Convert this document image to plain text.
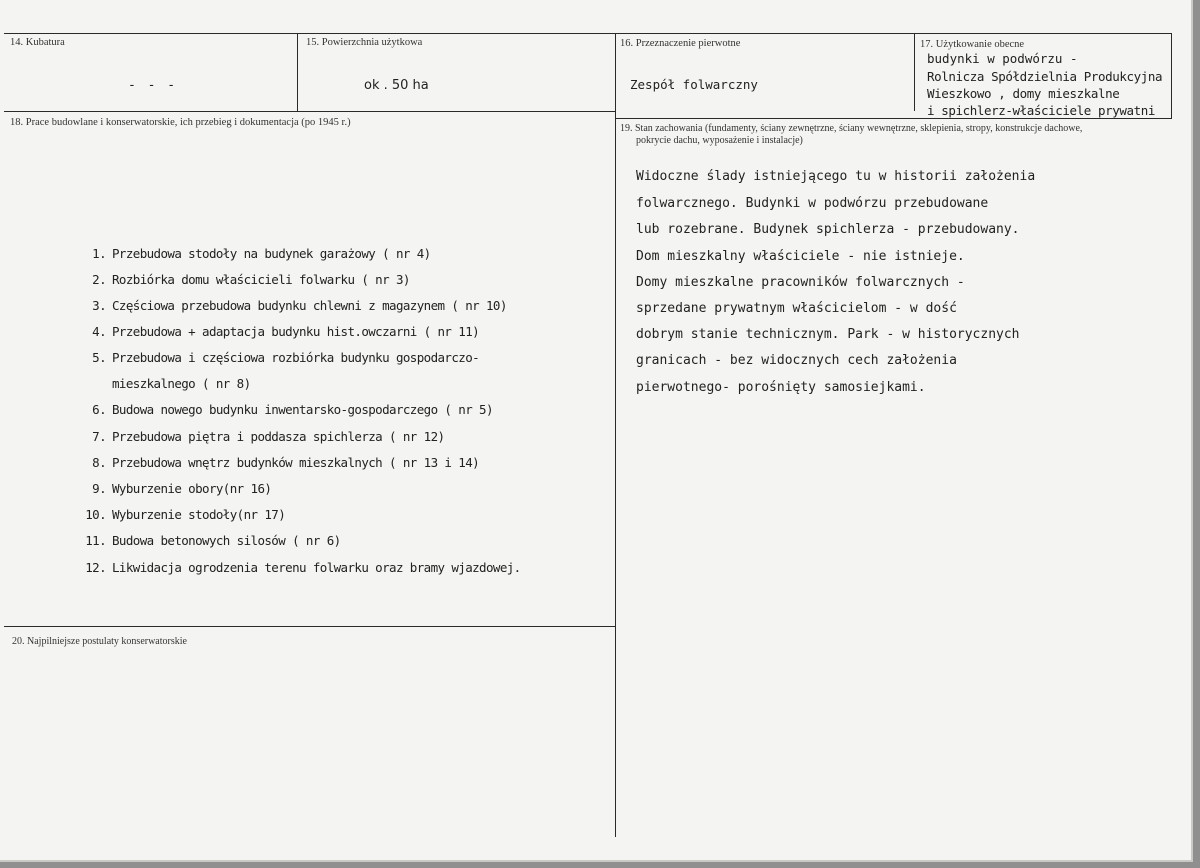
14. Kubatura
- - -
15. Powierzchnia użytkowa
ok . 50 ha
16. Przeznaczenie pierwotne
Zespół folwarczny
17. Użytkowanie obecne
budynki w podwórzu -
Rolnicza Spółdzielnia Produkcyjna
Wieszkowo , domy mieszkalne
i spichlerz-właściciele prywatni
18. Prace budowlane i konserwatorskie, ich przebieg i dokumentacja (po 1945 r.)
1. Przebudowa stodoły na budynek garażowy ( nr 4)
2. Rozbiórka domu właścicieli folwarku ( nr 3)
3. Częściowa przebudowa budynku chlewni z magazynem ( nr 10)
4. Przebudowa + adaptacja budynku hist.owczarni ( nr 11)
5. Przebudowa i częściowa rozbiórka budynku gospodarczo-
mieszkalnego ( nr 8)
6. Budowa nowego budynku inwentarsko-gospodarczego ( nr 5)
7. Przebudowa piętra i poddasza spichlerza ( nr 12)
8. Przebudowa wnętrz budynków mieszkalnych ( nr 13 i 14)
9. Wyburzenie obory(nr 16)
10. Wyburzenie stodoły(nr 17)
11. Budowa betonowych silosów ( nr 6)
12. Likwidacja ogrodzenia terenu folwarku oraz bramy wjazdowej.
19. Stan zachowania (fundamenty, ściany zewnętrzne, ściany wewnętrzne, sklepienia, stropy, konstrukcje dachowe,
pokrycie dachu, wyposażenie i instalacje)
Widoczne ślady istniejącego tu w historii założenia
folwarcznego. Budynki w podwórzu przebudowane
lub rozebrane. Budynek spichlerza - przebudowany.
Dom mieszkalny właściciele - nie istnieje.
Domy mieszkalne pracowników folwarcznych -
sprzedane prywatnym właścicielom - w dość
dobrym stanie technicznym. Park - w historycznych
granicach - bez widocznych cech założenia
pierwotnego- porośnięty samosiejkami.
20. Najpilniejsze postulaty konserwatorskie
